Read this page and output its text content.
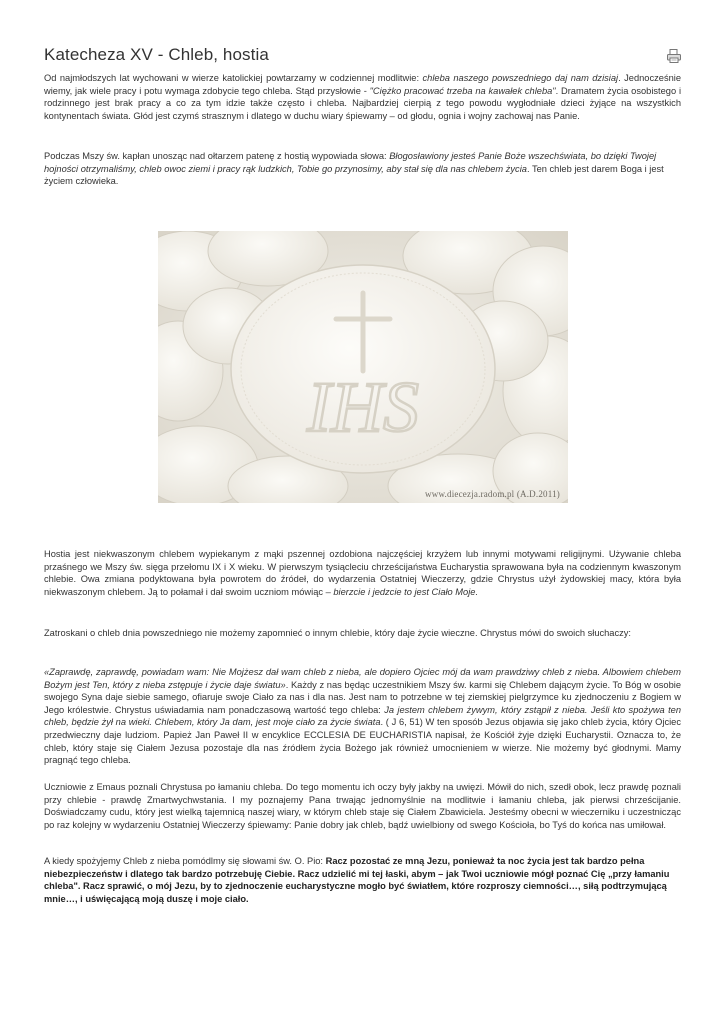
Katecheza XV - Chleb, hostia

Od najmłodszych lat wychowani w wierze katolickiej powtarzamy w codziennej modlitwie: chleba naszego powszedniego daj nam dzisiaj. Jednocześnie wiemy, jak wiele pracy i potu wymaga zdobycie tego chleba. Stąd przysłowie - "Ciężko pracować trzeba na kawałek chleba". Dramatem życia osobistego i rodzinnego jest brak pracy a co za tym idzie także często i chleba. Najbardziej cierpią z tego powodu wygłodniałe dzieci żyjące na wszystkich kontynentach świata. Głód jest czymś strasznym i dlatego w duchu wiary śpiewamy – od głodu, ognia i wojny zachowaj nas Panie.

Podczas Mszy św. kapłan unosząc nad ołtarzem patenę z hostią wypowiada słowa: Błogosławiony jesteś Panie Boże wszechświata, bo dzięki Twojej hojności otrzymaliśmy, chleb owoc ziemi i pracy rąk ludzkich, Tobie go przynosimy, aby stał się dla nas chlebem życia. Ten chleb jest darem Boga i jest życiem człowieka.

IHS
www.diecezja.radom.pl (A.D.2011)

Hostia jest niekwaszonym chlebem wypiekanym z mąki pszennej ozdobiona najczęściej krzyżem lub innymi motywami religijnymi. Używanie chleba przaśnego we Mszy św. sięga przełomu IX i X wieku. W pierwszym tysiącleciu chrześcijaństwa Eucharystia sprawowana była na codziennym kwaszonym chlebie. Owa zmiana podyktowana była powrotem do źródeł, do wydarzenia Ostatniej Wieczerzy, gdzie Chrystus użył żydowskiej macy, która była niekwaszonym chlebem. Ją to połamał i dał swoim uczniom mówiąc – bierzcie i jedzcie to jest Ciało Moje.

Zatroskani o chleb dnia powszedniego nie możemy zapomnieć o innym chlebie, który daje życie wieczne. Chrystus mówi do swoich słuchaczy:

«Zaprawdę, zaprawdę, powiadam wam: Nie Mojżesz dał wam chleb z nieba, ale dopiero Ojciec mój da wam prawdziwy chleb z nieba. Albowiem chlebem Bożym jest Ten, który z nieba zstępuje i życie daje światu». Każdy z nas będąc uczestnikiem Mszy św. karmi się Chlebem dającym życie. To Bóg w osobie swojego Syna daje siebie samego, ofiaruje swoje Ciało za nas i dla nas. Jest nam to potrzebne w tej ziemskiej pielgrzymce ku zjednoczeniu z Bogiem w Jego królestwie. Chrystus uświadamia nam ponadczasową wartość tego chleba: Ja jestem chlebem żywym, który zstąpił z nieba. Jeśli kto spożywa ten chleb, będzie żył na wieki. Chlebem, który Ja dam, jest moje ciało za życie świata. ( J 6, 51) W ten sposób Jezus objawia się jako chleb życia, który Ojciec przedwieczny daje ludziom. Papież Jan Paweł II w encyklice ECCLESIA DE EUCHARISTIA napisał, że Kościół żyje dzięki Eucharystii. Oznacza to, że chleb, który staje się Ciałem Jezusa pozostaje dla nas źródłem życia Bożego jak również umocnieniem w wierze. Nie możemy być głodnymi. Mamy pragnąć tego chleba.

Uczniowie z Emaus poznali Chrystusa po łamaniu chleba. Do tego momentu ich oczy były jakby na uwięzi. Mówił do nich, szedł obok, lecz prawdę poznali przy chlebie - prawdę Zmartwychwstania. I my poznajemy Pana trwając jednomyślnie na modlitwie i łamaniu chleba, jak pierwsi chrześcijanie. Doświadczamy cudu, który jest wielką tajemnicą naszej wiary, w którym chleb staje się Ciałem Zbawiciela. Jesteśmy obecni w wieczerniku i uczestnicząc po raz kolejny w wydarzeniu Ostatniej Wieczerzy śpiewamy: Panie dobry jak chleb, bądź uwielbiony od swego Kościoła, bo Tyś do końca nas umiłował.

A kiedy spożyjemy Chleb z nieba pomódlmy się słowami św. O. Pio: Racz pozostać ze mną Jezu, ponieważ ta noc życia jest tak bardzo pełna niebezpieczeństw i dlatego tak bardzo potrzebuję Ciebie. Racz udzielić mi tej łaski, abym – jak Twoi uczniowie mógł poznać Cię „przy łamaniu chleba". Racz sprawić, o mój Jezu, by to zjednoczenie eucharystyczne mogło być światłem, które rozproszy ciemności…, siłą podtrzymującą mnie…, i uświęcającą moją duszę i moje ciało.
